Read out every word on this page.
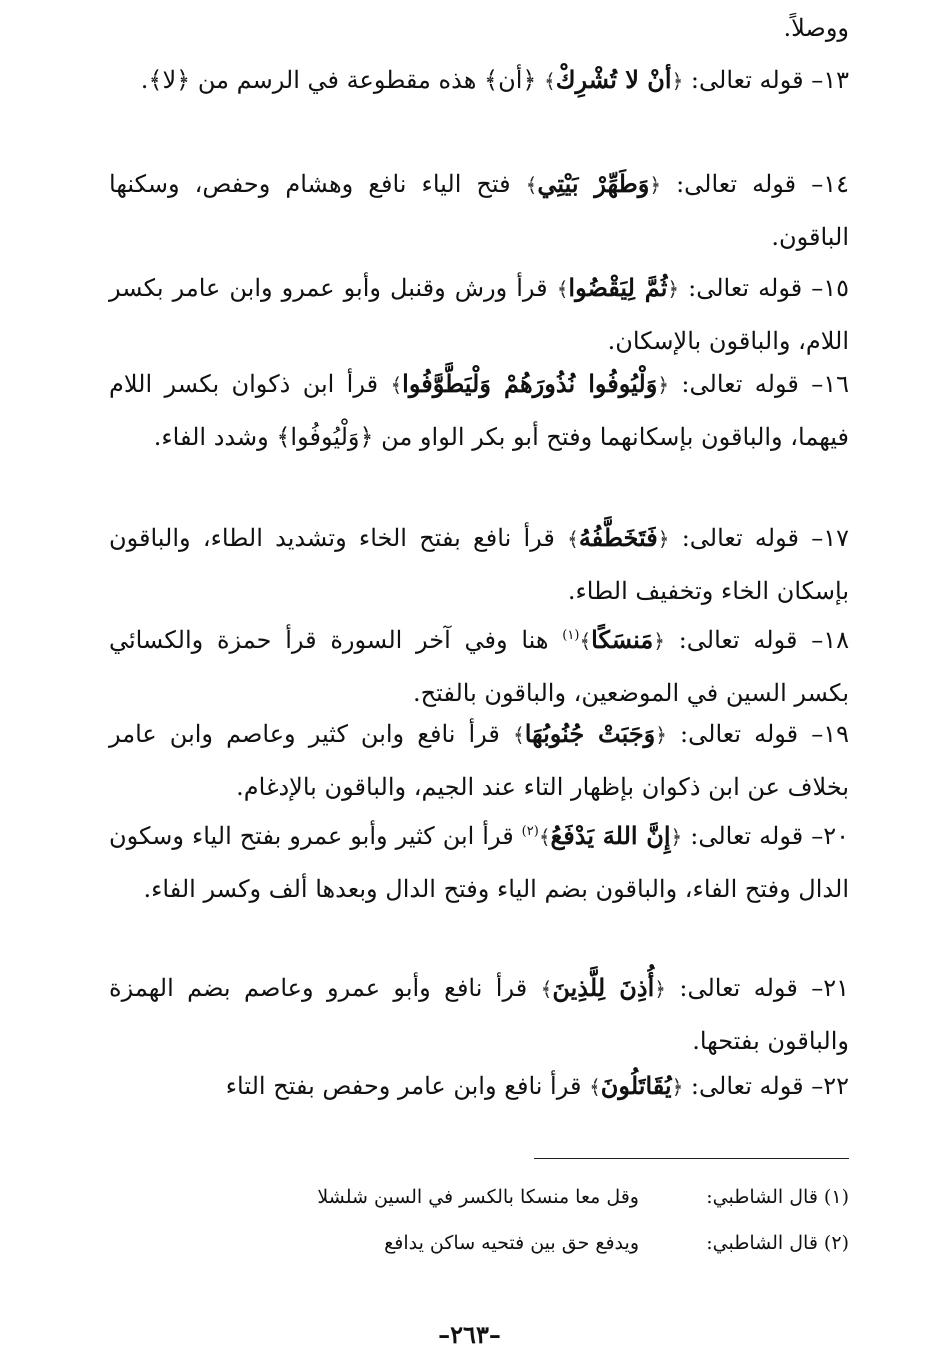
ووصلاً.
١٣– قوله تعالى: ﴿أنْ لا تُشْرِكْ﴾ ﴿أن﴾ هذه مقطوعة في الرسم من ﴿لا﴾.
١٤– قوله تعالى: ﴿وَطَهِّرْ بَيْتِي﴾ فتح الياء نافع وهشام وحفص، وسكنها الباقون.
١٥– قوله تعالى: ﴿ثُمَّ لِيَقْضُوا﴾ قرأ ورش وقنبل وأبو عمرو وابن عامر بكسر اللام، والباقون بالإسكان.
١٦– قوله تعالى: ﴿وَلْيُوفُوا نُذُورَهُمْ وَلْيَطَّوَّفُوا﴾ قرأ ابن ذكوان بكسر اللام فيهما، والباقون بإسكانهما وفتح أبو بكر الواو من ﴿وَلْيُوفُوا﴾ وشدد الفاء.
١٧– قوله تعالى: ﴿فَتَخَطَّفُهُ﴾ قرأ نافع بفتح الخاء وتشديد الطاء، والباقون بإسكان الخاء وتخفيف الطاء.
١٨– قوله تعالى: ﴿مَنسَكًا﴾$^{(١)}$ هنا وفي آخر السورة قرأ حمزة والكسائي بكسر السين في الموضعين، والباقون بالفتح.
١٩– قوله تعالى: ﴿وَجَبَتْ جُنُوبُهَا﴾ قرأ نافع وابن كثير وعاصم وابن عامر بخلاف عن ابن ذكوان بإظهار التاء عند الجيم، والباقون بالإدغام.
٢٠– قوله تعالى: ﴿إِنَّ اللهَ يَدْفَعُ﴾$^{(٢)}$ قرأ ابن كثير وأبو عمرو بفتح الياء وسكون الدال وفتح الفاء، والباقون بضم الياء وفتح الدال وبعدها ألف وكسر الفاء.
٢١– قوله تعالى: ﴿أُذِنَ لِلَّذِينَ﴾ قرأ نافع وأبو عمرو وعاصم بضم الهمزة والباقون بفتحها.
٢٢– قوله تعالى: ﴿يُقَاتَلُونَ﴾ قرأ نافع وابن عامر وحفص بفتح التاء
(١) قال الشاطبي:
وقل معا منسكا بالكسر في السين شلشلا
(٢) قال الشاطبي:
ويدفع حق بين فتحيه ساكن يدافع
–٢٦٣–
